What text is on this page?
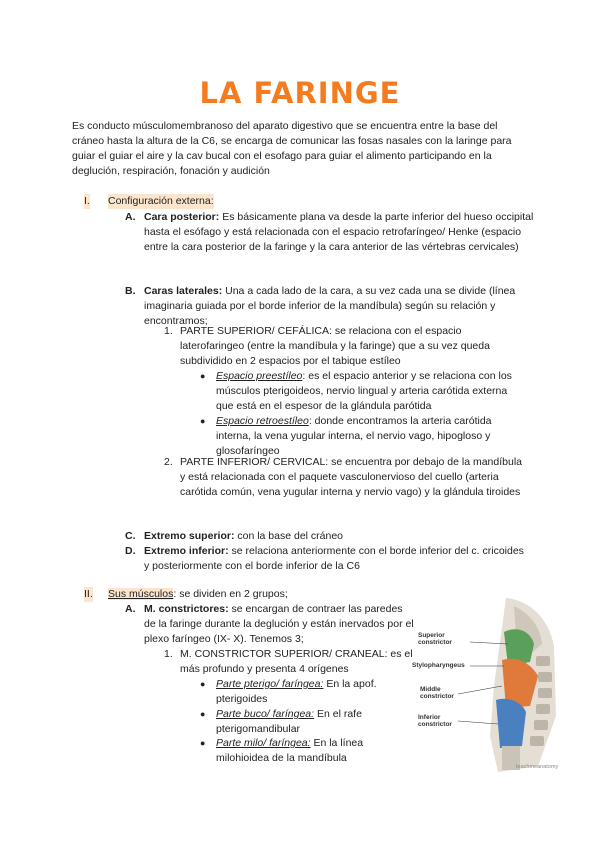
LA FARINGE
Es conducto músculomembranoso del aparato digestivo que se encuentra entre la base del cráneo hasta la altura de la C6, se encarga de comunicar las fosas nasales con la laringe para guiar el guiar el aire y la cav bucal con el esofago para guiar el alimento participando en la deglución, respiración, fonación y audición
I. Configuración externa:
A. Cara posterior: Es básicamente plana va desde la parte inferior del hueso occipital hasta el esófago y está relacionada con el espacio retrofaríngeo/ Henke (espacio entre la cara posterior de la faringe y la cara anterior de las vértebras cervicales)
B. Caras laterales: Una a cada lado de la cara, a su vez cada una se divide (línea imaginaria guiada por el borde inferior de la mandíbula) según su relación y encontramos;
1. PARTE SUPERIOR/ CEFÁLICA: se relaciona con el espacio laterofaringeo (entre la mandíbula y la faringe) que a su vez queda subdividido en 2 espacios por el tabique estíleo
● Espacio preestíleo: es el espacio anterior y se relaciona con los músculos pterigoideos, nervio lingual y arteria carótida externa que está en el espesor de la glándula parótida
● Espacio retroestíleo: donde encontramos la arteria carótida interna, la vena yugular interna, el nervio vago, hipogloso y glosofaríngeo
2. PARTE INFERIOR/ CERVICAL: se encuentra por debajo de la mandíbula y está relacionada con el paquete vasculonervioso del cuello (arteria carótida común, vena yugular interna y nervio vago) y la glándula tiroides
C. Extremo superior: con la base del cráneo
D. Extremo inferior: se relaciona anteriormente con el borde inferior del c. cricoides y posteriormente con el borde inferior de la C6
II. Sus músculos: se dividen en 2 grupos;
A. M. constrictores: se encargan de contraer las paredes de la faringe durante la deglución y están inervados por el plexo faríngeo (IX- X). Tenemos 3;
1. M. CONSTRICTOR SUPERIOR/ CRANEAL: es el más profundo y presenta 4 orígenes
● Parte pterigo/ faríngea: En la apof. pterigoides
● Parte buco/ faríngea: En el rafe pterigomandibular
● Parte milo/ faríngea: En la línea milohioidea de la mandíbula
Superior constrictor
Stylopharyngeus
Middle constrictor
Inferior constrictor
teachmeanatomy
